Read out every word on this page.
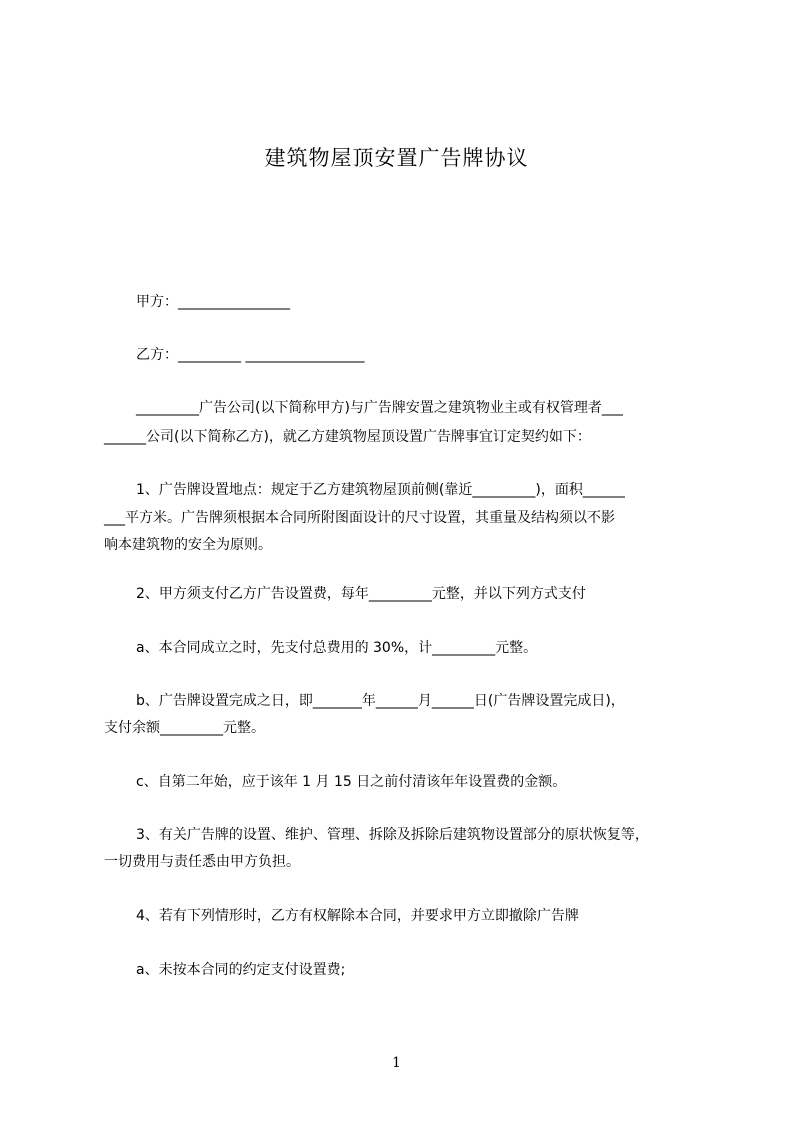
建筑物屋顶安置广告牌协议
甲方：________________
乙方：_________ _________________
_________广告公司(以下简称甲方)与广告牌安置之建筑物业主或有权管理者___
______公司(以下简称乙方)，就乙方建筑物屋顶设置广告牌事宜订定契约如下：
1、广告牌设置地点：规定于乙方建筑物屋顶前侧(靠近_________)，面积______
___平方米。广告牌须根据本合同所附图面设计的尺寸设置，其重量及结构须以不影
响本建筑物的安全为原则。
2、甲方须支付乙方广告设置费，每年_________元整，并以下列方式支付
a、本合同成立之时，先支付总费用的 30%，计_________元整。
b、广告牌设置完成之日，即_______年______月______日(广告牌设置完成日)，
支付余额_________元整。
c、自第二年始，应于该年 1 月 15 日之前付清该年年设置费的金额。
3、有关广告牌的设置、维护、管理、拆除及拆除后建筑物设置部分的原状恢复等，
一切费用与责任悉由甲方负担。
4、若有下列情形时，乙方有权解除本合同，并要求甲方立即撤除广告牌
a、未按本合同的约定支付设置费;
1
